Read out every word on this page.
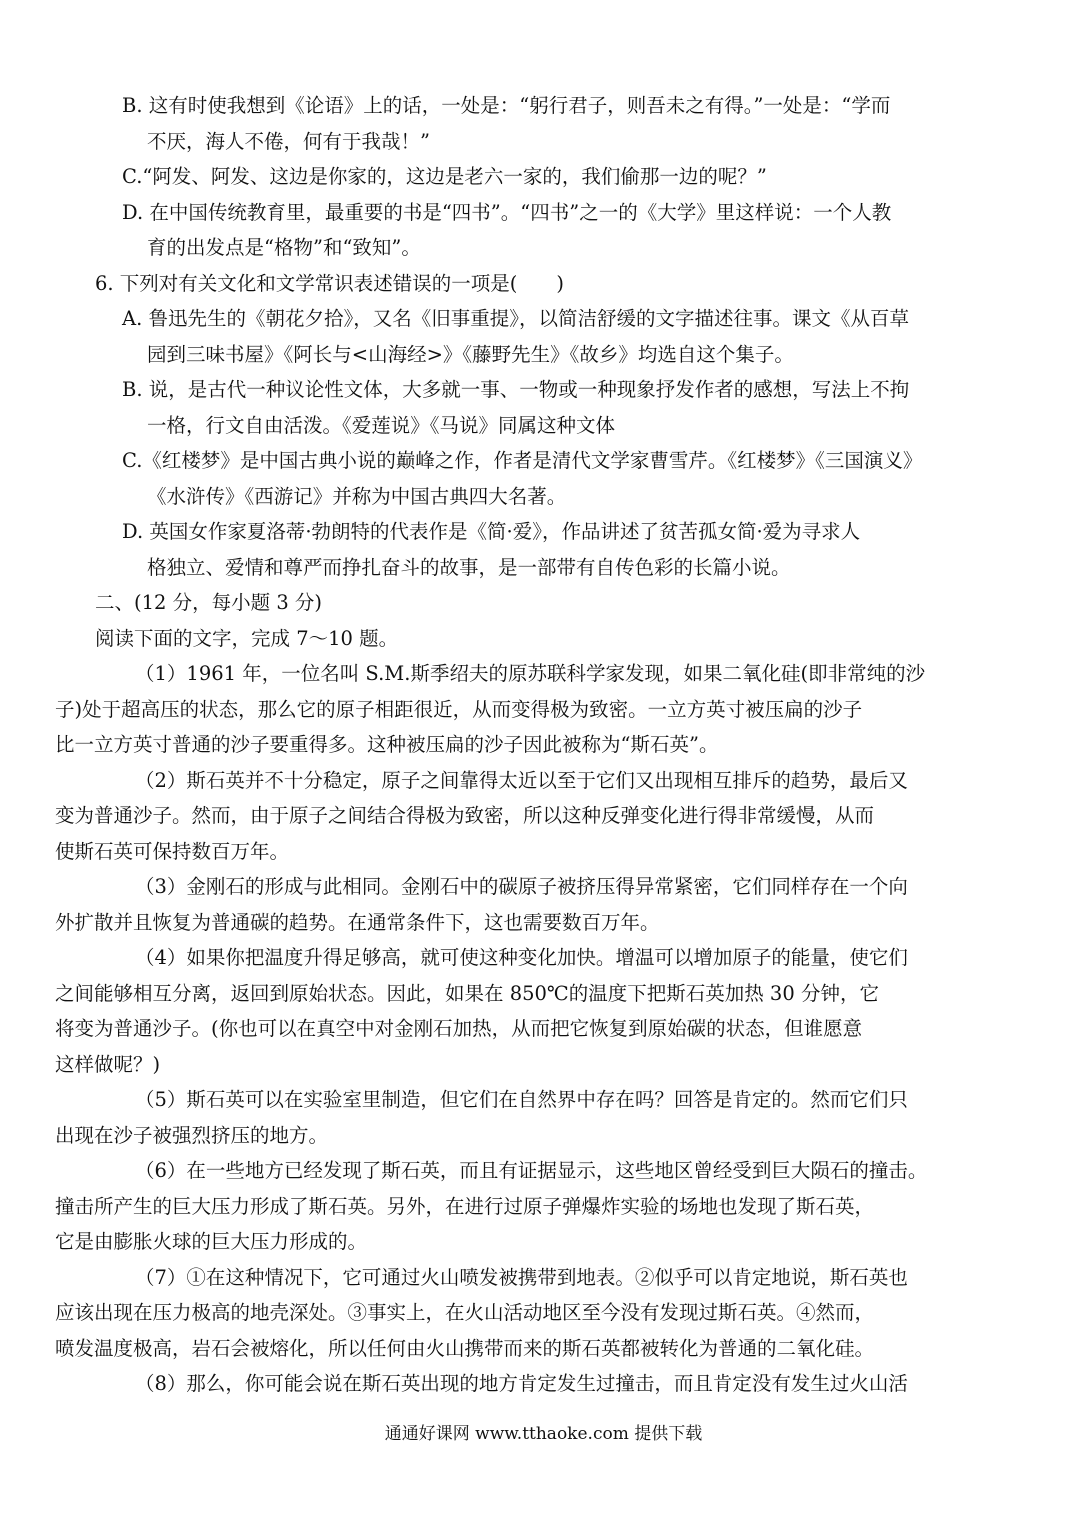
B. 这有时使我想到《论语》上的话，一处是：“躬行君子，则吾未之有得。”一处是：“学而
不厌，海人不倦，何有于我哉！”
C.“阿发、阿发、这边是你家的，这边是老六一家的，我们偷那一边的呢？”
D. 在中国传统教育里，最重要的书是“四书”。“四书”之一的《大学》里这样说：一个人教
育的出发点是“格物”和“致知”。
6. 下列对有关文化和文学常识表述错误的一项是(　　)
A. 鲁迅先生的《朝花夕拾》，又名《旧事重提》，以简洁舒缓的文字描述往事。课文《从百草
园到三味书屋》《阿长与<山海经>》《藤野先生》《故乡》均选自这个集子。
B. 说，是古代一种议论性文体，大多就一事、一物或一种现象抒发作者的感想，写法上不拘
一格，行文自由活泼。《爱莲说》《马说》同属这种文体
C.《红楼梦》是中国古典小说的巅峰之作，作者是清代文学家曹雪芹。《红楼梦》《三国演义》
《水浒传》《西游记》并称为中国古典四大名著。
D. 英国女作家夏洛蒂·勃朗特的代表作是《简·爱》，作品讲述了贫苦孤女简·爱为寻求人
格独立、爱情和尊严而挣扎奋斗的故事，是一部带有自传色彩的长篇小说。
二、(12 分，每小题 3 分)
阅读下面的文字，完成 7～10 题。
（1）1961 年，一位名叫 S.M.斯季绍夫的原苏联科学家发现，如果二氧化硅(即非常纯的沙
子)处于超高压的状态，那么它的原子相距很近，从而变得极为致密。一立方英寸被压扁的沙子
比一立方英寸普通的沙子要重得多。这种被压扁的沙子因此被称为“斯石英”。
（2）斯石英并不十分稳定，原子之间靠得太近以至于它们又出现相互排斥的趋势，最后又
变为普通沙子。然而，由于原子之间结合得极为致密，所以这种反弹变化进行得非常缓慢，从而
使斯石英可保持数百万年。
（3）金刚石的形成与此相同。金刚石中的碳原子被挤压得异常紧密，它们同样存在一个向
外扩散并且恢复为普通碳的趋势。在通常条件下，这也需要数百万年。
（4）如果你把温度升得足够高，就可使这种变化加快。增温可以增加原子的能量，使它们
之间能够相互分离，返回到原始状态。因此，如果在 850℃的温度下把斯石英加热 30 分钟，它
将变为普通沙子。(你也可以在真空中对金刚石加热，从而把它恢复到原始碳的状态，但谁愿意
这样做呢？)
（5）斯石英可以在实验室里制造，但它们在自然界中存在吗？回答是肯定的。然而它们只
出现在沙子被强烈挤压的地方。
（6）在一些地方已经发现了斯石英，而且有证据显示，这些地区曾经受到巨大陨石的撞击。
撞击所产生的巨大压力形成了斯石英。另外，在进行过原子弹爆炸实验的场地也发现了斯石英，
它是由膨胀火球的巨大压力形成的。
（7）①在这种情况下，它可通过火山喷发被携带到地表。②似乎可以肯定地说，斯石英也
应该出现在压力极高的地壳深处。③事实上，在火山活动地区至今没有发现过斯石英。④然而，
喷发温度极高，岩石会被熔化，所以任何由火山携带而来的斯石英都被转化为普通的二氧化硅。
（8）那么，你可能会说在斯石英出现的地方肯定发生过撞击，而且肯定没有发生过火山活
通通好课网 www.tthaoke.com 提供下载
